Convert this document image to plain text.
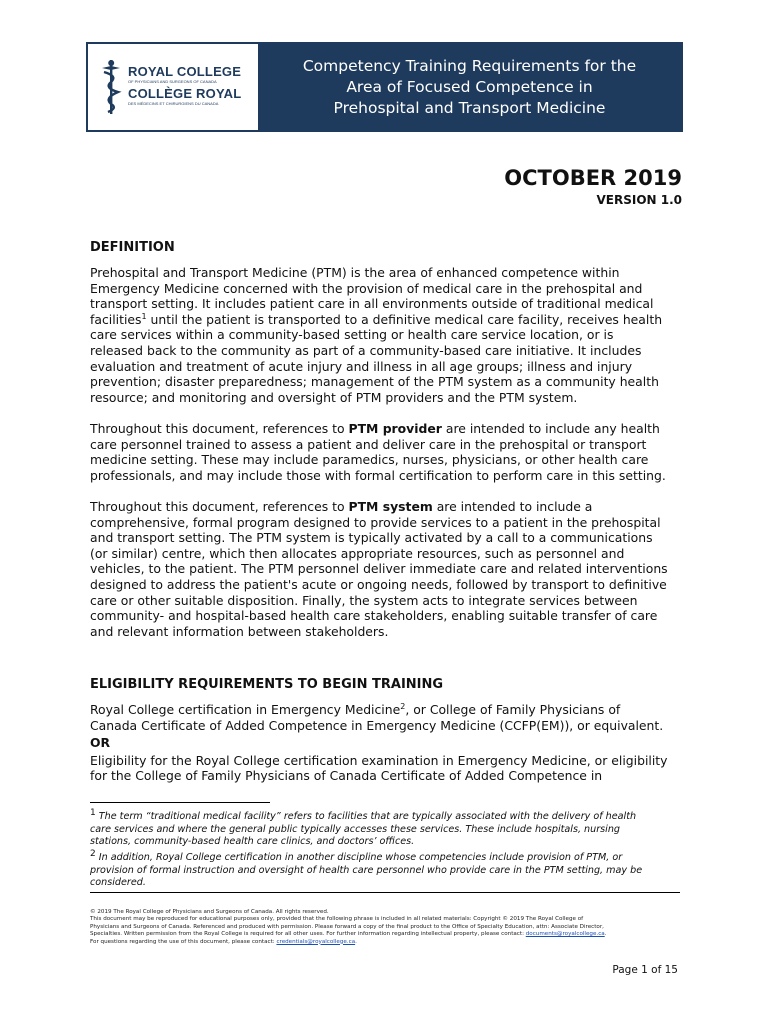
ROYAL COLLEGE
OF PHYSICIANS AND SURGEONS OF CANADA
COLLÈGE ROYAL
DES MÉDECINS ET CHIRURGIENS DU CANADA
Competency Training Requirements for the
Area of Focused Competence in
Prehospital and Transport Medicine
OCTOBER 2019
VERSION 1.0
DEFINITION
Prehospital and Transport Medicine (PTM) is the area of enhanced competence within
Emergency Medicine concerned with the provision of medical care in the prehospital and
transport setting. It includes patient care in all environments outside of traditional medical
facilities$^1$ until the patient is transported to a definitive medical care facility, receives health
care services within a community-based setting or health care service location, or is
released back to the community as part of a community-based care initiative. It includes
evaluation and treatment of acute injury and illness in all age groups; illness and injury
prevention; disaster preparedness; management of the PTM system as a community health
resource; and monitoring and oversight of PTM providers and the PTM system.
Throughout this document, references to PTM provider are intended to include any health
care personnel trained to assess a patient and deliver care in the prehospital or transport
medicine setting. These may include paramedics, nurses, physicians, or other health care
professionals, and may include those with formal certification to perform care in this setting.
Throughout this document, references to PTM system are intended to include a
comprehensive, formal program designed to provide services to a patient in the prehospital
and transport setting. The PTM system is typically activated by a call to a communications
(or similar) centre, which then allocates appropriate resources, such as personnel and
vehicles, to the patient. The PTM personnel deliver immediate care and related interventions
designed to address the patient's acute or ongoing needs, followed by transport to definitive
care or other suitable disposition. Finally, the system acts to integrate services between
community- and hospital-based health care stakeholders, enabling suitable transfer of care
and relevant information between stakeholders.
ELIGIBILITY REQUIREMENTS TO BEGIN TRAINING
Royal College certification in Emergency Medicine$^2$, or College of Family Physicians of
Canada Certificate of Added Competence in Emergency Medicine (CCFP(EM)), or equivalent.
OR
Eligibility for the Royal College certification examination in Emergency Medicine, or eligibility
for the College of Family Physicians of Canada Certificate of Added Competence in
$^1$ The term “traditional medical facility” refers to facilities that are typically associated with the delivery of health
care services and where the general public typically accesses these services. These include hospitals, nursing
stations, community-based health care clinics, and doctors’ offices.
$^2$ In addition, Royal College certification in another discipline whose competencies include provision of PTM, or
provision of formal instruction and oversight of health care personnel who provide care in the PTM setting, may be
considered.
© 2019 The Royal College of Physicians and Surgeons of Canada. All rights reserved.
This document may be reproduced for educational purposes only, provided that the following phrase is included in all related materials: Copyright © 2019 The Royal College of
Physicians and Surgeons of Canada. Referenced and produced with permission. Please forward a copy of the final product to the Office of Specialty Education, attn: Associate Director,
Specialties. Written permission from the Royal College is required for all other uses. For further information regarding intellectual property, please contact: documents@royalcollege.ca.
For questions regarding the use of this document, please contact: credentials@royalcollege.ca.
Page 1 of 15
